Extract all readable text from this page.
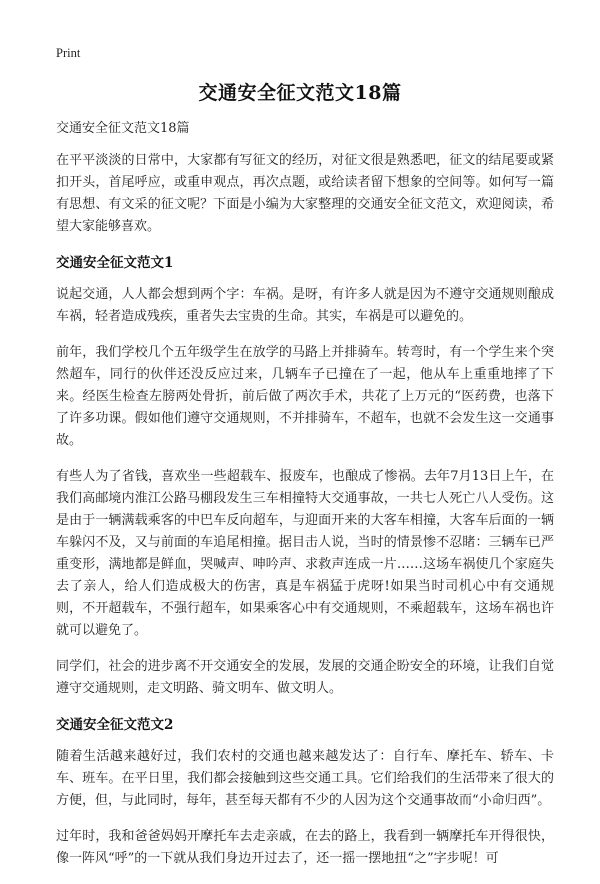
Print
交通安全征文范文18篇

交通安全征文范文18篇

在平平淡淡的日常中，大家都有写征文的经历，对征文很是熟悉吧，征文的结尾要或紧扣开头，首尾呼应，或重申观点，再次点题，或给读者留下想象的空间等。如何写一篇有思想、有文采的征文呢？下面是小编为大家整理的交通安全征文范文，欢迎阅读，希望大家能够喜欢。

交通安全征文范文1

说起交通，人人都会想到两个字：车祸。是呀，有许多人就是因为不遵守交通规则酿成车祸，轻者造成残疾，重者失去宝贵的生命。其实，车祸是可以避免的。

前年，我们学校几个五年级学生在放学的马路上并排骑车。转弯时，有一个学生来个突然超车，同行的伙伴还没反应过来，几辆车子已撞在了一起，他从车上重重地摔了下来。经医生检查左膀两处骨折，前后做了两次手术，共花了上万元的“医药费，也落下了许多功课。假如他们遵守交通规则，不并排骑车，不超车，也就不会发生这一交通事故。

有些人为了省钱，喜欢坐一些超载车、报废车，也酿成了惨祸。去年7月13日上午，在我们高邮境内淮江公路马棚段发生三车相撞特大交通事故，一共七人死亡八人受伤。这是由于一辆满载乘客的中巴车反向超车，与迎面开来的大客车相撞，大客车后面的一辆车躲闪不及，又与前面的车追尾相撞。据目击人说，当时的情景惨不忍睹：三辆车已严重变形，满地都是鲜血，哭喊声、呻吟声、求救声连成一片……这场车祸使几个家庭失去了亲人，给人们造成极大的伤害，真是车祸猛于虎呀!如果当时司机心中有交通规则，不开超载车，不强行超车，如果乘客心中有交通规则，不乘超载车，这场车祸也许就可以避免了。

同学们，社会的进步离不开交通安全的发展，发展的交通企盼安全的环境，让我们自觉遵守交通规则，走文明路、骑文明车、做文明人。

交通安全征文范文2

随着生活越来越好过，我们农村的交通也越来越发达了：自行车、摩托车、轿车、卡车、班车。在平日里，我们都会接触到这些交通工具。它们给我们的生活带来了很大的方便，但，与此同时，每年，甚至每天都有不少的人因为这个交通事故而“小命归西”。

过年时，我和爸爸妈妈开摩托车去走亲戚，在去的路上，我看到一辆摩托车开得很快，像一阵风“呼”的一下就从我们身边开过去了，还一摇一摆地扭“之”字步呢！可
